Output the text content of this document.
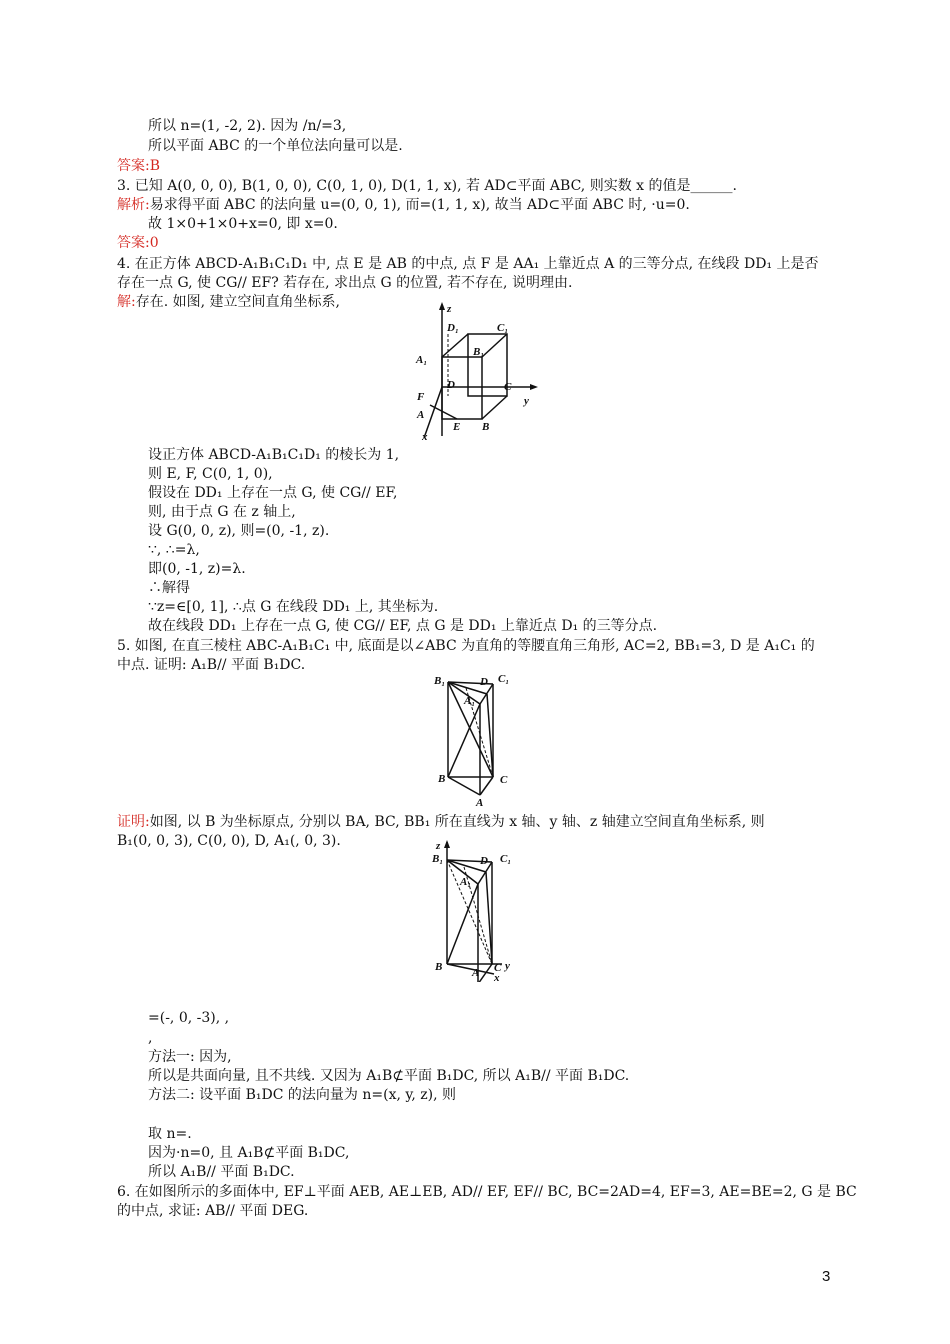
所以 n=(1, -2, 2). 因为 /n/=3,
所以平面 ABC 的一个单位法向量可以是.
答案:B
3. 已知 A(0, 0, 0), B(1, 0, 0), C(0, 1, 0), D(1, 1, x), 若 AD⊂平面 ABC, 则实数 x 的值是______.
解析:易求得平面 ABC 的法向量 u=(0, 0, 1), 而=(1, 1, x), 故当 AD⊂平面 ABC 时, ·u=0.
故 1×0+1×0+x=0, 即 x=0.
答案:0
4. 在正方体 ABCD-A₁B₁C₁D₁ 中, 点 E 是 AB 的中点, 点 F 是 AA₁ 上靠近点 A 的三等分点, 在线段 DD₁ 上是否
存在一点 G, 使 CG// EF? 若存在, 求出点 G 的位置, 若不存在, 说明理由.
解:存在. 如图, 建立空间直角坐标系,	z
D₁	C₁
A₁
B₁
D	C
y
F
A
E B
x
设正方体 ABCD-A₁B₁C₁D₁ 的棱长为 1,
则 E, F, C(0, 1, 0),
假设在 DD₁ 上存在一点 G, 使 CG// EF,
则, 由于点 G 在 z 轴上,
设 G(0, 0, z), 则=(0, -1, z).
∵, ∴=λ,
即(0, -1, z)=λ.
∴解得
∵z=∈[0, 1], ∴点 G 在线段 DD₁ 上, 其坐标为.
故在线段 DD₁ 上存在一点 G, 使 CG// EF, 点 G 是 DD₁ 上靠近点 D₁ 的三等分点.
5. 如图, 在直三棱柱 ABC-A₁B₁C₁ 中, 底面是以∠ABC 为直角的等腰直角三角形, AC=2, BB₁=3, D 是 A₁C₁ 的
中点. 证明: A₁B// 平面 B₁DC.
B₁	D C₁
A₁
B	C
A
证明:如图, 以 B 为坐标原点, 分别以 BA, BC, BB₁ 所在直线为 x 轴、y 轴、z 轴建立空间直角坐标系, 则
B₁(0, 0, 3), C(0, 0), D, A₁(, 0, 3).	z
B₁	D C₁
A₁
B	C y
A x
=(-, 0, -3), ,
,
方法一: 因为,
所以是共面向量, 且不共线. 又因为 A₁B⊄平面 B₁DC, 所以 A₁B// 平面 B₁DC.
方法二: 设平面 B₁DC 的法向量为 n=(x, y, z), 则
取 n=.
因为·n=0, 且 A₁B⊄平面 B₁DC,
所以 A₁B// 平面 B₁DC.
6. 在如图所示的多面体中, EF⊥平面 AEB, AE⊥EB, AD// EF, EF// BC, BC=2AD=4, EF=3, AE=BE=2, G 是 BC
的中点, 求证: AB// 平面 DEG.
3
